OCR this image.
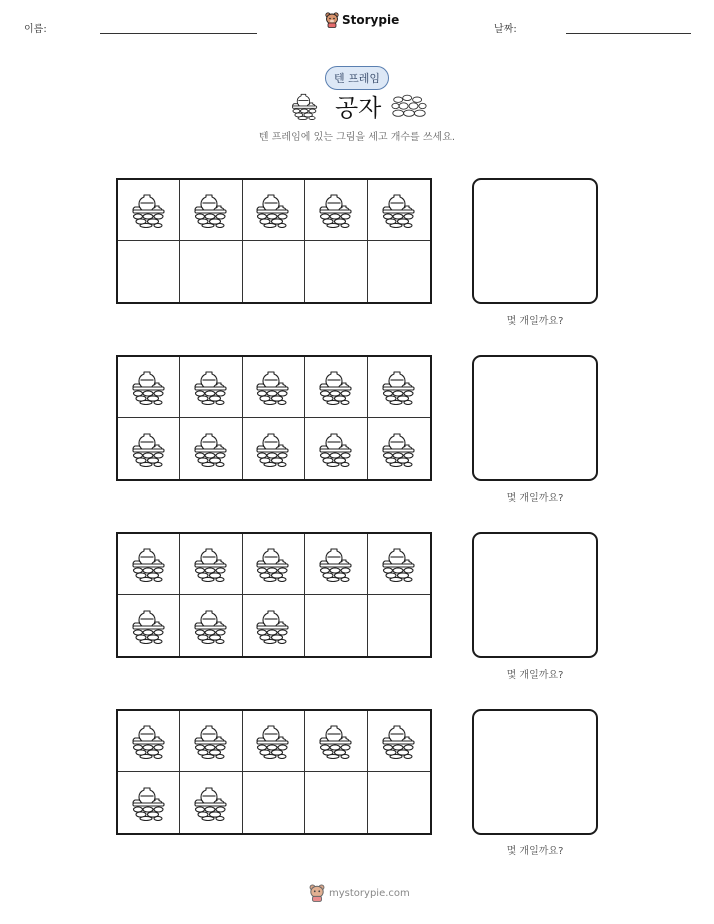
이름:
Storypie
날짜:
텐 프레임
공자
텐 프레임에 있는 그림을 세고 개수를 쓰세요.
몇 개일까요?
몇 개일까요?
몇 개일까요?
몇 개일까요?
mystorypie.com
